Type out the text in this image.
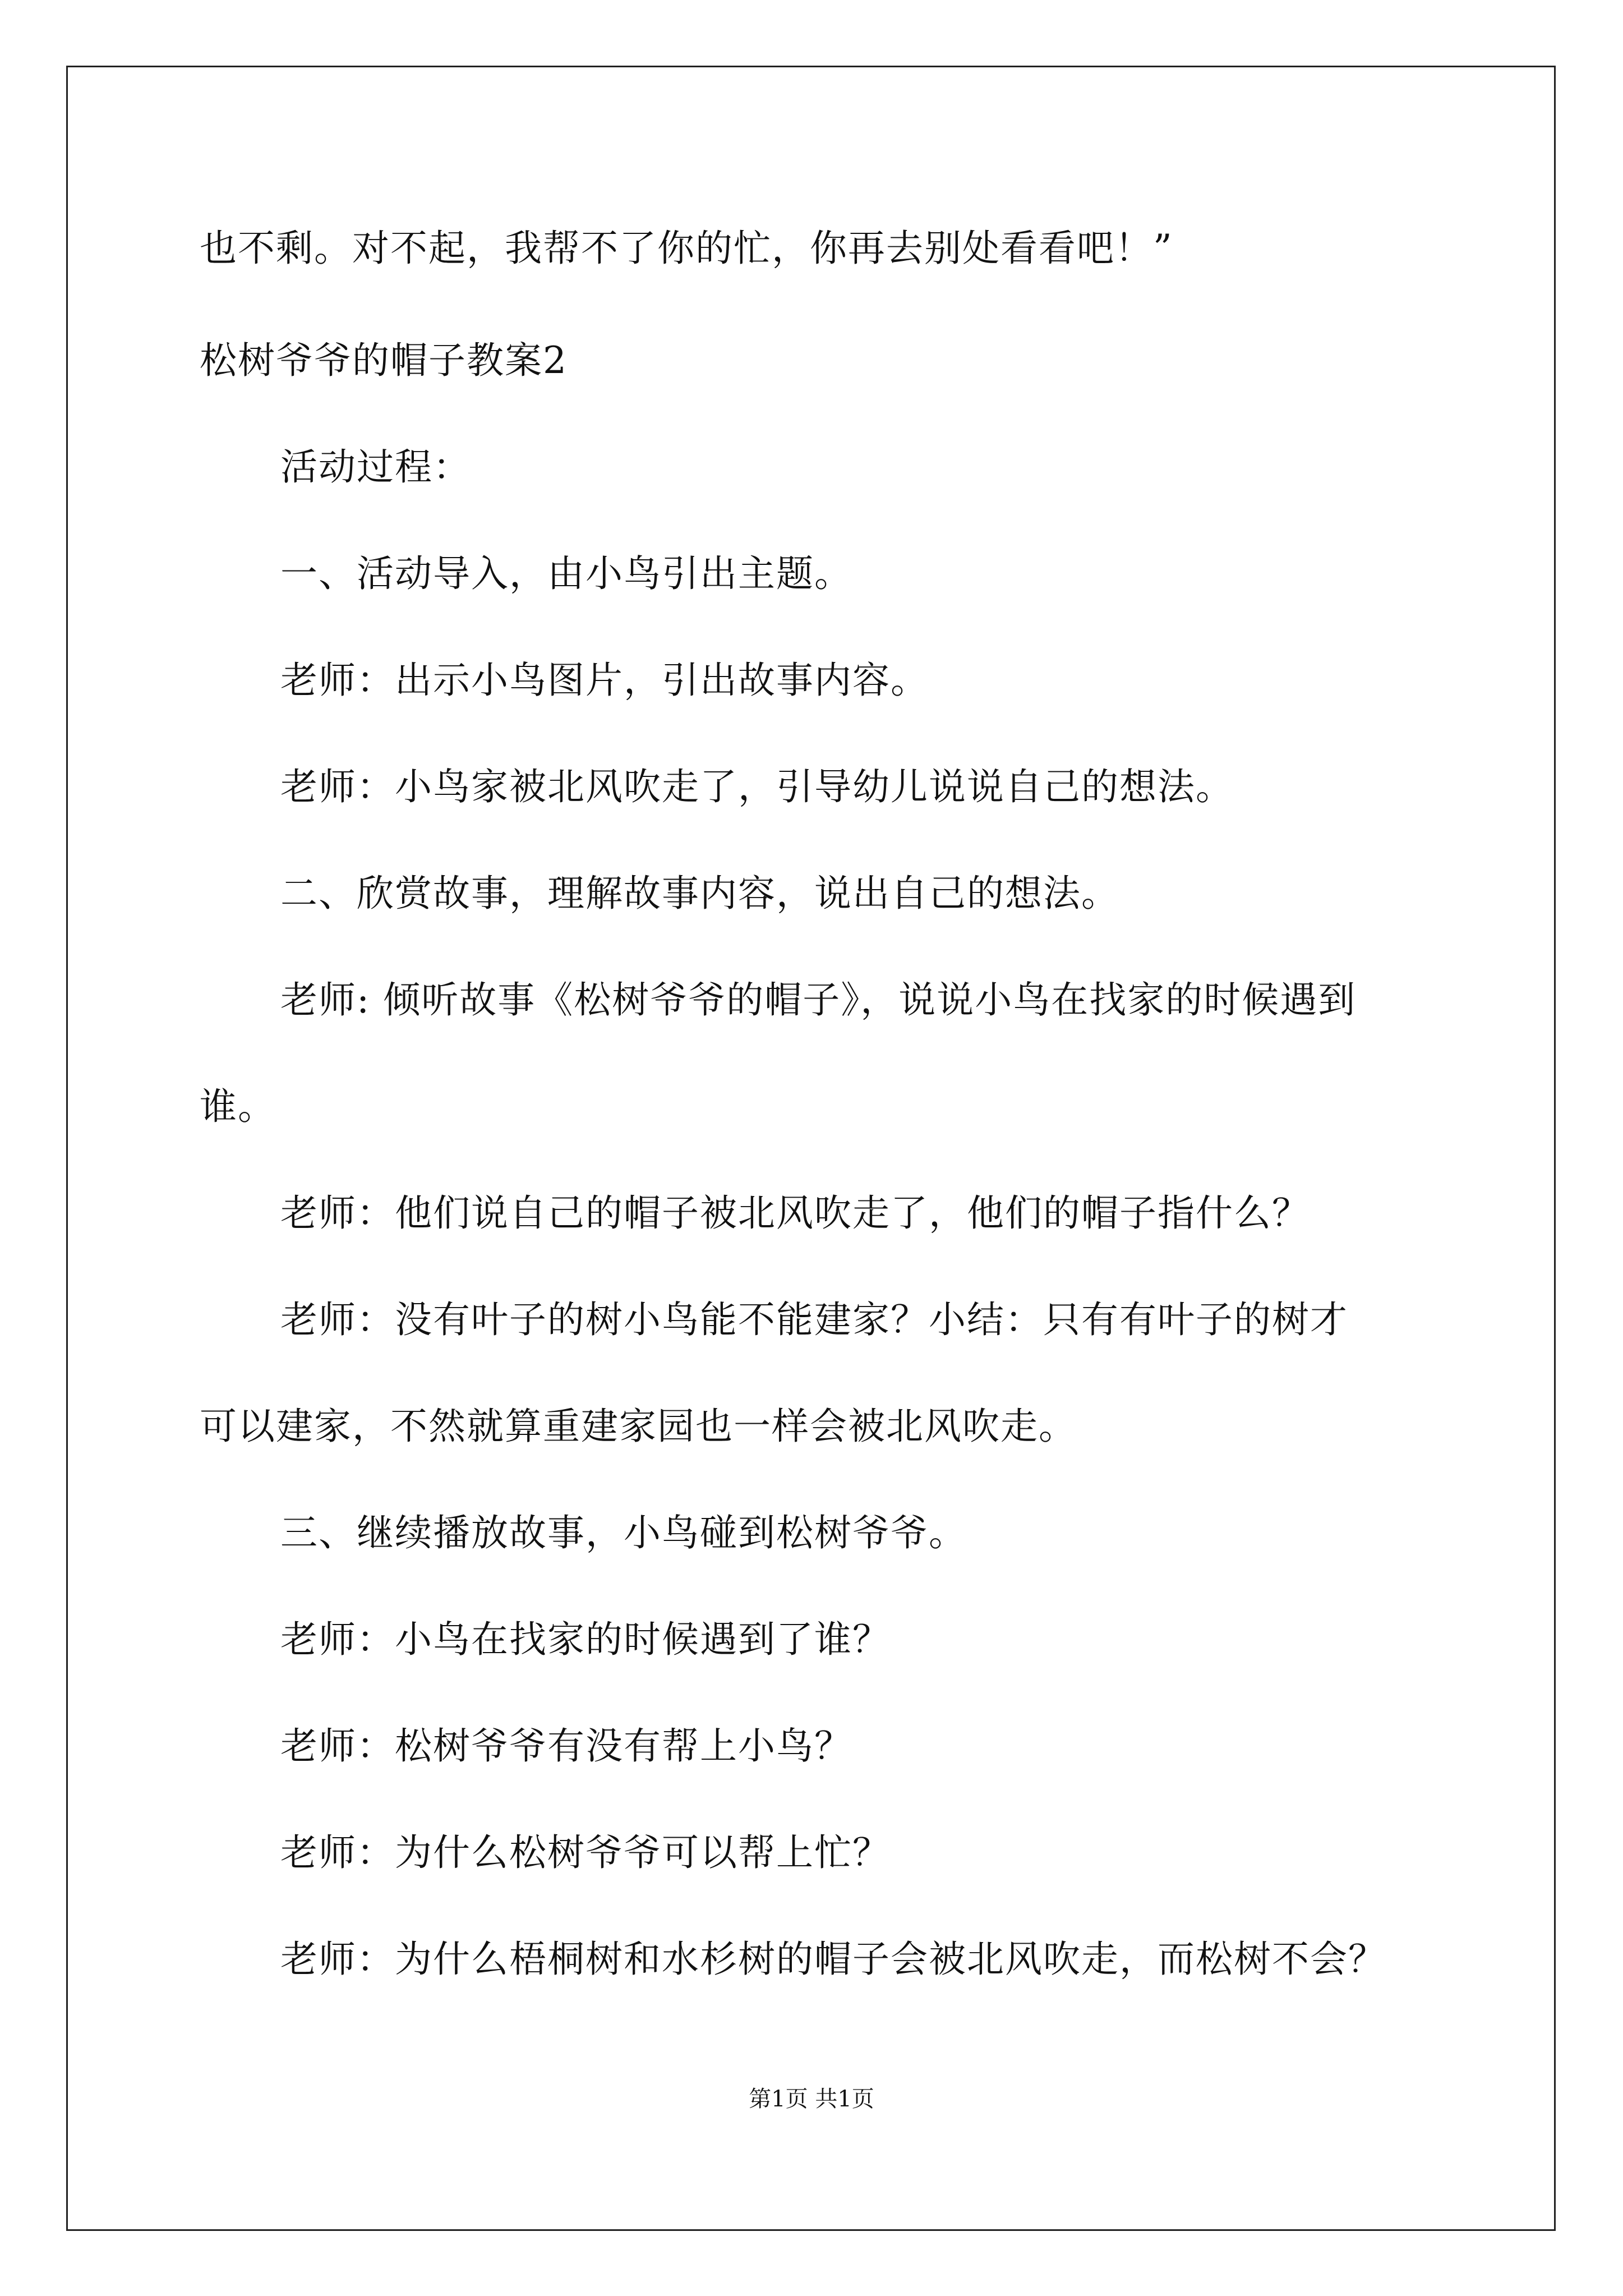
也不剩。对不起，我帮不了你的忙，你再去别处看看吧！”
松树爷爷的帽子教案2
活动过程：
一、活动导入，由小鸟引出主题。
老师：出示小鸟图片，引出故事内容。
老师：小鸟家被北风吹走了，引导幼儿说说自己的想法。
二、欣赏故事，理解故事内容，说出自己的想法。
老师: 倾听故事《松树爷爷的帽子》，说说小鸟在找家的时候遇到
谁。
老师：他们说自己的帽子被北风吹走了，他们的帽子指什么？
老师：没有叶子的树小鸟能不能建家？小结：只有有叶子的树才
可以建家，不然就算重建家园也一样会被北风吹走。
三、继续播放故事，小鸟碰到松树爷爷。
老师：小鸟在找家的时候遇到了谁？
老师：松树爷爷有没有帮上小鸟？
老师：为什么松树爷爷可以帮上忙？
老师：为什么梧桐树和水杉树的帽子会被北风吹走，而松树不会？
第1页 共1页
